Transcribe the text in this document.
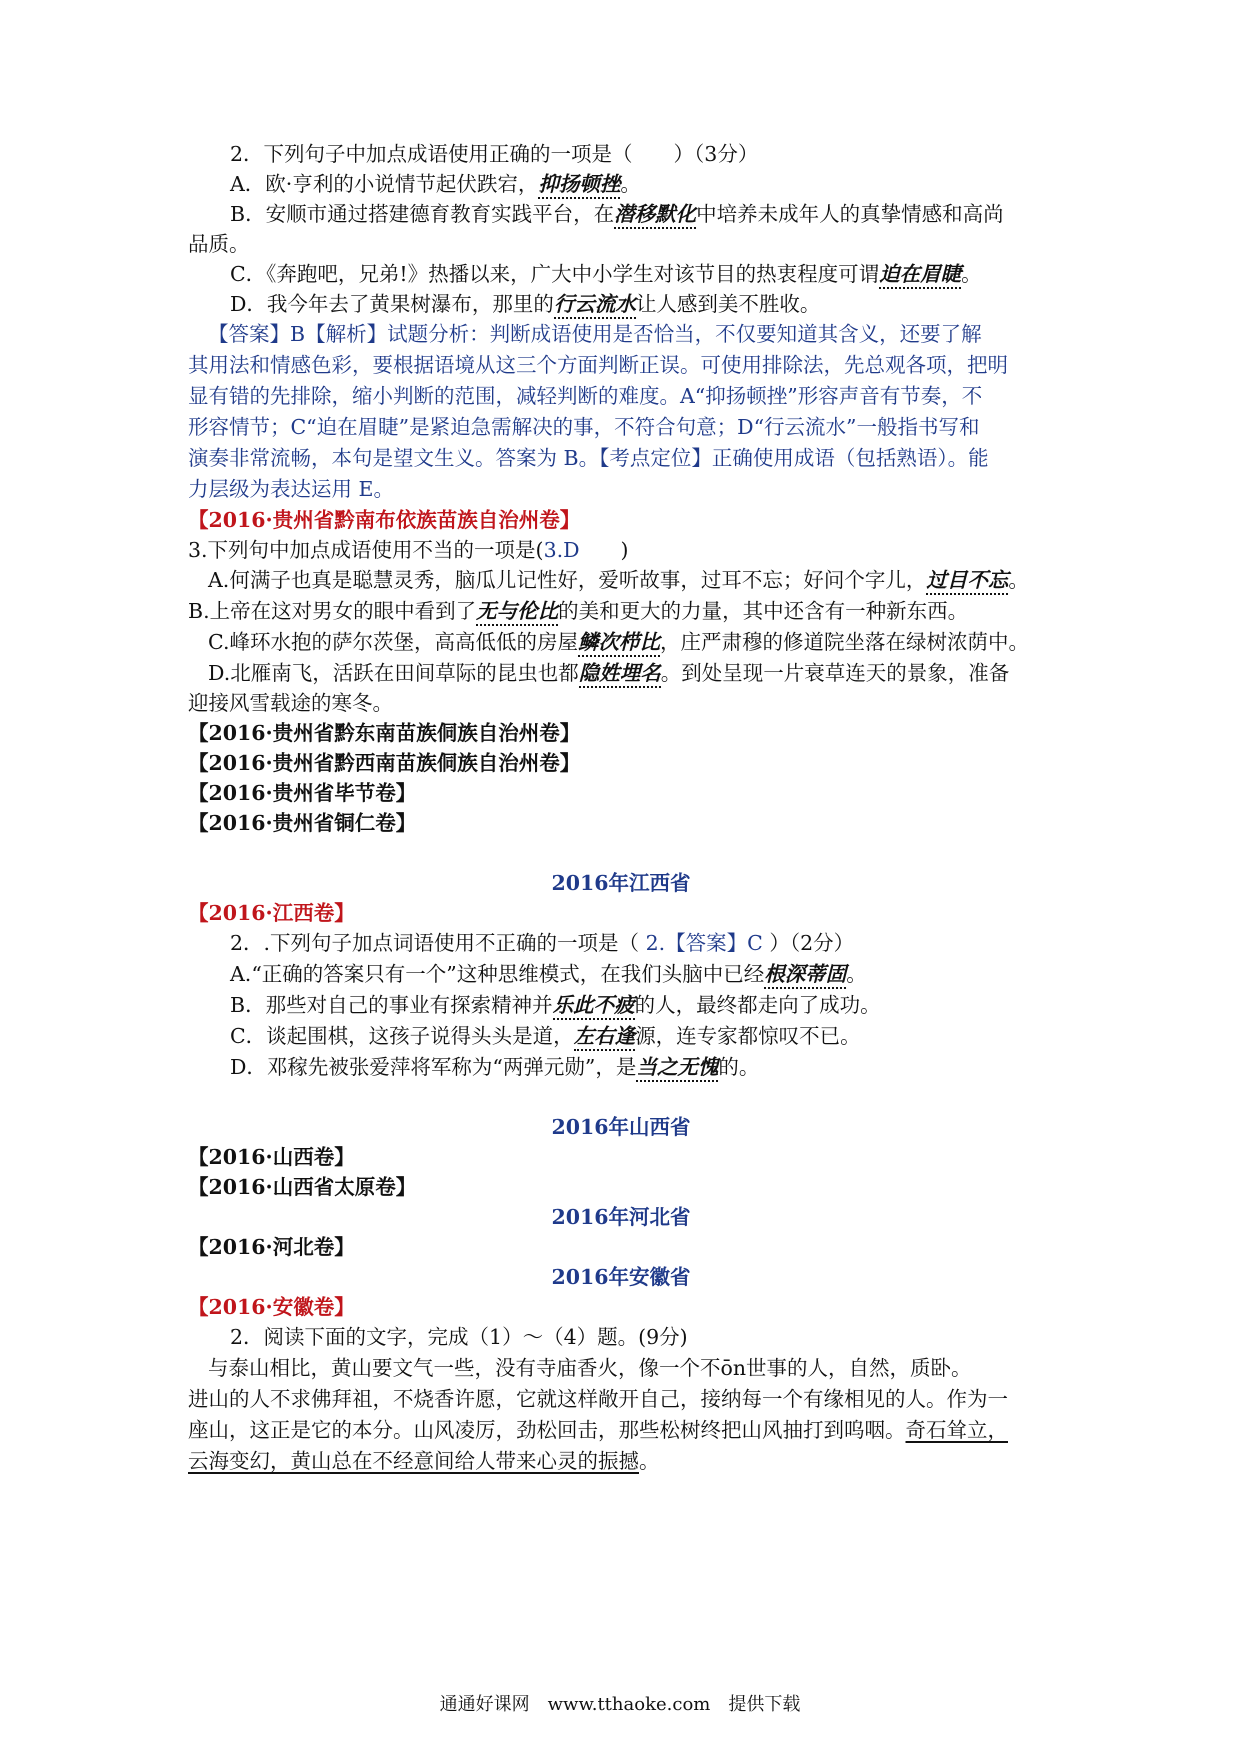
2．下列句子中加点成语使用正确的一项是（　　）（3分）
A．欧·亨利的小说情节起伏跌宕，抑扬顿挫。
B．安顺市通过搭建德育教育实践平台，在潜移默化中培养未成年人的真挚情感和高尚
品质。
C．《奔跑吧，兄弟!》热播以来，广大中小学生对该节目的热衷程度可谓迫在眉睫。
D．我今年去了黄果树瀑布，那里的行云流水让人感到美不胜收。
【答案】B【解析】试题分析：判断成语使用是否恰当，不仅要知道其含义，还要了解
其用法和情感色彩，要根据语境从这三个方面判断正误。可使用排除法，先总观各项，把明
显有错的先排除，缩小判断的范围，减轻判断的难度。A“抑扬顿挫”形容声音有节奏，不
形容情节；C“迫在眉睫”是紧迫急需解决的事，不符合句意；D“行云流水”一般指书写和
演奏非常流畅，本句是望文生义。答案为 B。【考点定位】正确使用成语（包括熟语）。能
力层级为表达运用 E。
【2016·贵州省黔南布依族苗族自治州卷】
3.下列句中加点成语使用不当的一项是(3.D　　)
A.何满子也真是聪慧灵秀，脑瓜儿记性好，爱听故事，过耳不忘；好问个字儿，过目不忘。
B.上帝在这对男女的眼中看到了无与伦比的美和更大的力量，其中还含有一种新东西。
C.峰环水抱的萨尔茨堡，高高低低的房屋鳞次栉比，庄严肃穆的修道院坐落在绿树浓荫中。
D.北雁南飞，活跃在田间草际的昆虫也都隐姓埋名。到处呈现一片衰草连天的景象，准备
迎接风雪载途的寒冬。
【2016·贵州省黔东南苗族侗族自治州卷】
【2016·贵州省黔西南苗族侗族自治州卷】
【2016·贵州省毕节卷】
【2016·贵州省铜仁卷】
2016年江西省
【2016·江西卷】
2．.下列句子加点词语使用不正确的一项是（ 2.【答案】C ）（2分）
A.“正确的答案只有一个”这种思维模式，在我们头脑中已经根深蒂固。
B．那些对自己的事业有探索精神并乐此不疲的人，最终都走向了成功。
C．谈起围棋，这孩子说得头头是道，左右逢源，连专家都惊叹不已。
D．邓稼先被张爱萍将军称为“两弹元勋”，是当之无愧的。
2016年山西省
【2016·山西卷】
【2016·山西省太原卷】
2016年河北省
【2016·河北卷】
2016年安徽省
【2016·安徽卷】
2．阅读下面的文字，完成（1）～（4）题。(9分)
与泰山相比，黄山要文气一些，没有寺庙香火，像一个不ōn世事的人，自然，质卧。
进山的人不求佛拜祖，不烧香许愿，它就这样敞开自己，接纳每一个有缘相见的人。作为一
座山，这正是它的本分。山风凌厉，劲松回击，那些松树终把山风抽打到呜咽。奇石耸立，
云海变幻，黄山总在不经意间给人带来心灵的振撼。
通通好课网　www.tthaoke.com　提供下载
